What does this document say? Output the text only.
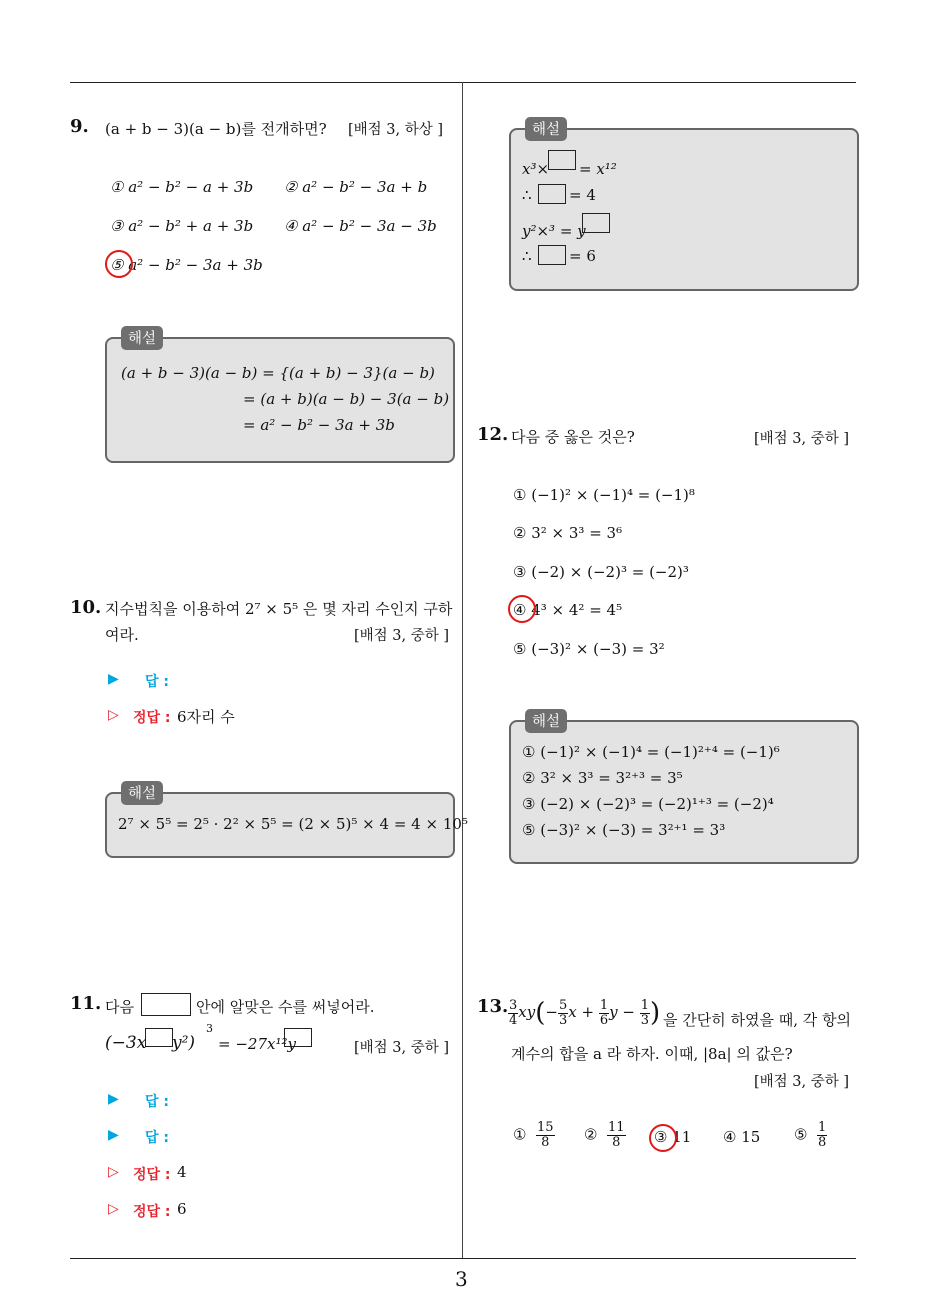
3
9. (a + b − 3)(a − b)를 전개하면? [배점 3, 하상 ]
① a² − b² − a + 3b ② a² − b² − 3a + b
③ a² − b² + a + 3b ④ a² − b² − 3a − 3b
⑤ a² − b² − 3a + 3b
해설
(a + b − 3)(a − b) = {(a + b) − 3}(a − b)
= (a + b)(a − b) − 3(a − b)
= a² − b² − 3a + 3b
10. 지수법칙을 이용하여 2⁷ × 5⁵ 은 몇 자리 수인지 구하
여라.	[배점 3, 중하 ]
▶ 답 :
▷ 정답 : 6자리 수
해설
2⁷ × 5⁵ = 2⁵ · 2² × 5⁵ = (2 × 5)⁵ × 4 = 4 × 10⁵
11. 다음	안에 알맞은 수를 써넣어라.
(−3x y²)
3
= −27x¹²y	[배점 3, 중하 ]
▶ 답 :
▶ 답 :
▷ 정답 : 4
▷ 정답 : 6
해설
x³× = x¹²
∴ = 4
y²×³ = y
∴ = 6
12. 다음 중 옳은 것은?	[배점 3, 중하 ]
① (−1)² × (−1)⁴ = (−1)⁸
② 3² × 3³ = 3⁶
③ (−2) × (−2)³ = (−2)³
④ 4³ × 4² = 4⁵
⑤ (−3)² × (−3) = 3²
해설
① (−1)² × (−1)⁴ = (−1)²⁺⁴ = (−1)⁶
② 3² × 3³ = 3²⁺³ = 3⁵
③ (−2) × (−2)³ = (−2)¹⁺³ = (−2)⁴
⑤ (−3)² × (−3) = 3²⁺¹ = 3³
13. $\frac{3}{4} xy(- \frac{5}{3}$ $x + \frac{1}{6}$ $y - \frac{1}{3}$ ) 을 간단히 하였을 때, 각 항의
계수의 합을 a 라 하자. 이때, |8a| 의 값은?
[배점 3, 중하 ]
① $\frac{15}{8}$ ② $\frac{11}{8}$ ③ 11 ④ 15 ⑤ $\frac{1}{8}$
